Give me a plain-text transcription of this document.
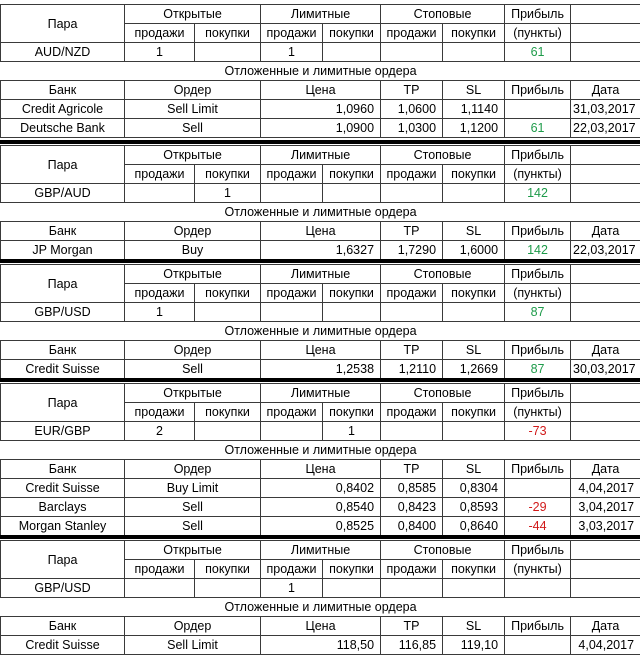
Пара	Открытые		Лимитные		Стоповые		Прибыль	
	продажи	покупки	продажи	покупки	продажи	покупки	(пункты)	
AUD/NZD	1		1				61	
Отложенные и лимитные ордера								
Банк	Ордер		Цена		TP	SL	Прибыль	Дата
Credit Agricole	Sell Limit		1,0960		1,0600	1,1140		31,03,2017
Deutsche Bank	Sell		1,0900		1,0300	1,1200	61	22,03,2017
Пара	Открытые		Лимитные		Стоповые		Прибыль	
	продажи	покупки	продажи	покупки	продажи	покупки	(пункты)	
GBP/AUD		1					142	
Отложенные и лимитные ордера								
Банк	Ордер		Цена		TP	SL	Прибыль	Дата
JP Morgan	Buy		1,6327		1,7290	1,6000	142	22,03,2017
Пара	Открытые		Лимитные		Стоповые		Прибыль	
	продажи	покупки	продажи	покупки	продажи	покупки	(пункты)	
GBP/USD	1						87	
Отложенные и лимитные ордера								
Банк	Ордер		Цена		TP	SL	Прибыль	Дата
Credit Suisse	Sell		1,2538		1,2110	1,2669	87	30,03,2017
Пара	Открытые		Лимитные		Стоповые		Прибыль	
	продажи	покупки	продажи	покупки	продажи	покупки	(пункты)	
EUR/GBP	2			1			-73	
Отложенные и лимитные ордера								
Банк	Ордер		Цена		TP	SL	Прибыль	Дата
Credit Suisse	Buy Limit		0,8402		0,8585	0,8304		4,04,2017
Barclays	Sell		0,8540		0,8423	0,8593	-29	3,04,2017
Morgan Stanley	Sell		0,8525		0,8400	0,8640	-44	3,03,2017
Пара	Открытые		Лимитные		Стоповые		Прибыль	
	продажи	покупки	продажи	покупки	продажи	покупки	(пункты)	
GBP/USD			1					
Отложенные и лимитные ордера								
Банк	Ордер		Цена		TP	SL	Прибыль	Дата
Credit Suisse	Sell Limit		118,50		116,85	119,10		4,04,2017
